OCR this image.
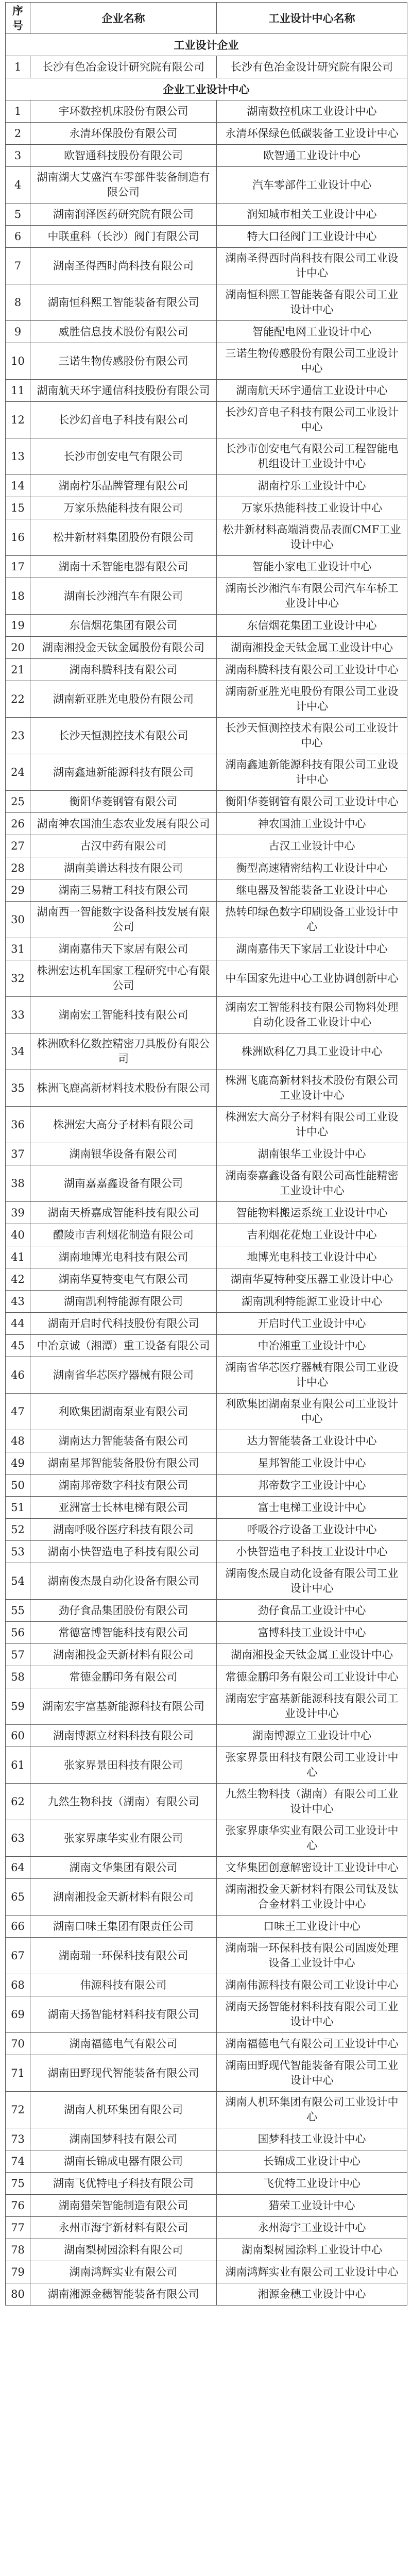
序号	企业名称	工业设计中心名称
工业设计企业		
1	长沙有色冶金设计研究院有限公司	长沙有色冶金设计研究院有限公司
企业工业设计中心		
1	宇环数控机床股份有限公司	湖南数控机床工业设计中心
2	永清环保股份有限公司	永清环保绿色低碳装备工业设计中心
3	欧智通科技股份有限公司	欧智通工业设计中心
4	湖南湖大艾盛汽车零部件装备制造有限公司	汽车零部件工业设计中心
5	湖南润泽医药研究院有限公司	润知城市相关工业设计中心
6	中联重科（长沙）阀门有限公司	特大口径阀门工业设计中心
7	湖南圣得西时尚科技有限公司	湖南圣得西时尚科技有限公司工业设计中心
8	湖南恒科熙工智能装备有限公司	湖南恒科熙工智能装备有限公司工业设计中心
9	威胜信息技术股份有限公司	智能配电网工业设计中心
10	三诺生物传感股份有限公司	三诺生物传感股份有限公司工业设计中心
11	湖南航天环宇通信科技股份有限公司	湖南航天环宇通信工业设计中心
12	长沙幻音电子科技有限公司	长沙幻音电子科技有限公司工业设计中心
13	长沙市创安电气有限公司	长沙市创安电气有限公司工程智能电机组设计工业设计中心
14	湖南柠乐品牌管理有限公司	湖南柠乐工业设计中心
15	万家乐热能科技有限公司	万家乐热能科技工业设计中心
16	松井新材料集团股份有限公司	松井新材料高端消费品表面CMF工业设计中心
17	湖南十禾智能电器有限公司	智能小家电工业设计中心
18	湖南长沙湘汽车有限公司	湖南长沙湘汽车有限公司汽车车桥工业设计中心
19	东信烟花集团有限公司	东信烟花集团工业设计中心
20	湖南湘投金天钛金属股份有限公司	湖南湘投金天钛金属工业设计中心
21	湖南科腾科技有限公司	湖南科腾科技有限公司工业设计中心
22	湖南新亚胜光电股份有限公司	湖南新亚胜光电股份有限公司工业设计中心
23	长沙天恒测控技术有限公司	长沙天恒测控技术有限公司工业设计中心
24	湖南鑫迪新能源科技有限公司	湖南鑫迪新能源科技有限公司工业设计中心
25	衡阳华菱钢管有限公司	衡阳华菱钢管有限公司工业设计中心
26	湖南神农国油生态农业发展有限公司	神农国油工业设计中心
27	古汉中药有限公司	古汉工业设计中心
28	湖南美谱达科技有限公司	衡型高速精密结构工业设计中心
29	湖南三易精工科技有限公司	继电器及智能装备工业设计中心
30	湖南西一智能数字设备科技发展有限公司	热转印绿色数字印刷设备工业设计中心
31	湖南嘉伟天下家居有限公司	湖南嘉伟天下家居工业设计中心
32	株洲宏达机车国家工程研究中心有限公司	中车国家先进中心工业协调创新中心
33	湖南宏工智能科技有限公司	湖南宏工智能科技有限公司物料处理自动化设备工业设计中心
34	株洲欧科亿数控精密刀具股份有限公司	株洲欧科亿刀具工业设计中心
35	株洲飞鹿高新材料技术股份有限公司	株洲飞鹿高新材料技术股份有限公司工业设计中心
36	株洲宏大高分子材料有限公司	株洲宏大高分子材料有限公司工业设计中心
37	湖南银华设备有限公司	湖南银华工业设计中心
38	湖南嘉嘉鑫设备有限公司	湖南泰嘉鑫设备有限公司高性能精密工业设计中心
39	湖南天桥嘉成智能科技有限公司	智能物料搬运系统工业设计中心
40	醴陵市吉利烟花制造有限公司	吉利烟花花炮工业设计中心
41	湖南地博光电科技有限公司	地博光电科技工业设计中心
42	湖南华夏特变电气有限公司	湖南华夏特种变压器工业设计中心
43	湖南凯利特能源有限公司	湖南凯利特能源工业设计中心
44	湖南开启时代科技股份有限公司	开启时代工业设计中心
45	中冶京诚（湘潭）重工设备有限公司	中冶湘重工业设计中心
46	湖南省华芯医疗器械有限公司	湖南省华芯医疗器械有限公司工业设计中心
47	利欧集团湖南泵业有限公司	利欧集团湖南泵业有限公司工业设计中心
48	湖南达力智能装备有限公司	达力智能装备工业设计中心
49	湖南星邦智能装备股份有限公司	星邦智能工业设计中心
50	湖南邦帝数字科技有限公司	邦帝数字工业设计中心
51	亚洲富士长林电梯有限公司	富士电梯工业设计中心
52	湖南呼吸谷医疗科技有限公司	呼吸谷疗设备工业设计中心
53	湖南小快智造电子科技有限公司	小快智造电子科技工业设计中心
54	湖南俊杰晟自动化设备有限公司	湖南俊杰晟自动化设备有限公司工业设计中心
55	劲仔食品集团股份有限公司	劲仔食品工业设计中心
56	常德富博智能科技有限公司	富博科技工业设计中心
57	湖南湘投金天新材料有限公司	湖南湘投金天钛金属工业设计中心
58	常德金鹏印务有限公司	常德金鹏印务有限公司工业设计中心
59	湖南宏宇富基新能源科技有限公司	湖南宏宇富基新能源科技有限公司工业设计中心
60	湖南博源立材料科技有限公司	湖南博源立工业设计中心
61	张家界景田科技有限公司	张家界景田科技有限公司工业设计中心
62	九然生物科技（湖南）有限公司	九然生物科技（湖南）有限公司工业设计中心
63	张家界康华实业有限公司	张家界康华实业有限公司工业设计中心
64	湖南文华集团有限公司	文华集团创意解密设计工业设计中心
65	湖南湘投金天新材料有限公司	湖南湘投金天新材料有限公司钛及钛合金材料工业设计中心
66	湖南口味王集团有限责任公司	口味王工业设计中心
67	湖南瑞一环保科技有限公司	湖南瑞一环保科技有限公司固废处理设备工业设计中心
68	伟源科技有限公司	湖南伟源科技有限公司工业设计中心
69	湖南天扬智能材料科技有限公司	湖南天扬智能材料科技有限公司工业设计中心
70	湖南福德电气有限公司	湖南福德电气有限公司工业设计中心
71	湖南田野现代智能装备有限公司	湖南田野现代智能装备有限公司工业设计中心
72	湖南人机环集团有限公司	湖南人机环集团有限公司工业设计中心
73	湖南国梦科技有限公司	国梦科技工业设计中心
74	湖南长锦成电器有限公司	长锦成工业设计中心
75	湖南飞优特电子科技有限公司	飞优特工业设计中心
76	湖南猎荣智能制造有限公司	猎荣工业设计中心
77	永州市海宇新材料有限公司	永州海宇工业设计中心
78	湖南梨树园涂料有限公司	湖南梨树园涂料工业设计中心
79	湖南鸿辉实业有限公司	湖南鸿辉实业有限公司工业设计中心
80	湖南湘源金穗智能装备有限公司	湘源金穗工业设计中心
